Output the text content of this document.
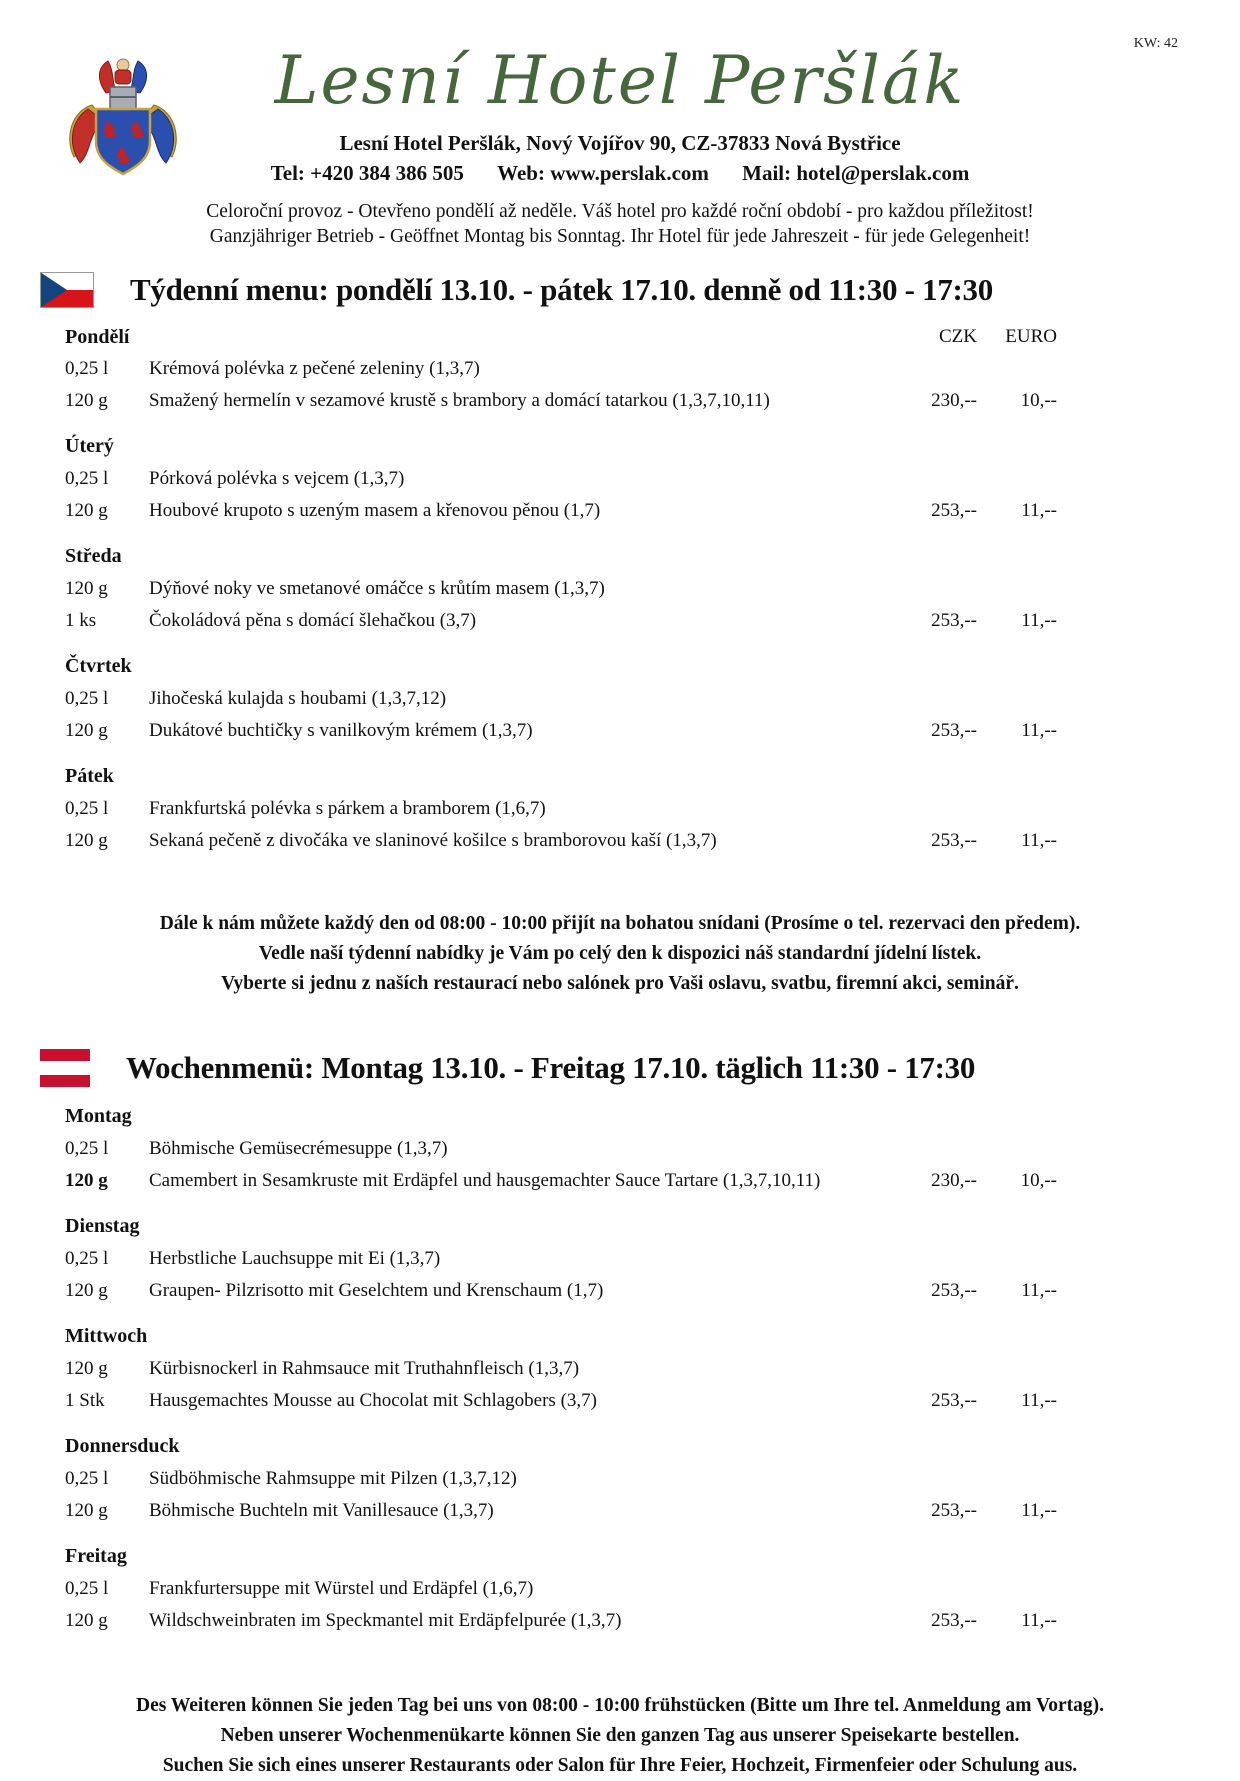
KW: 42
♞ ♞
♞
Lesní Hotel Peršlák
Lesní Hotel Peršlák, Nový Vojířov 90, CZ-37833 Nová Bystřice
Tel: +420 384 386 505 Web: www.perslak.com Mail: hotel@perslak.com
Celoroční provoz - Otevřeno pondělí až neděle. Váš hotel pro každé roční období - pro každou příležitost!
Ganzjähriger Betrieb - Geöffnet Montag bis Sonntag. Ihr Hotel für jede Jahreszeit - für jede Gelegenheit!
Týdenní menu: pondělí 13.10. - pátek 17.10. denně od 11:30 - 17:30
Pondělí	CZK	EURO
0,25 l	Krémová polévka z pečené zeleniny (1,3,7)
120 g	Smažený hermelín v sezamové krustě s brambory a domácí tatarkou (1,3,7,10,11)	230,--	10,--
Úterý
0,25 l	Pórková polévka s vejcem (1,3,7)
120 g	Houbové krupoto s uzeným masem a křenovou pěnou (1,7)	253,--	11,--
Středa
120 g	Dýňové noky ve smetanové omáčce s krůtím masem (1,3,7)
1 ks	Čokoládová pěna s domácí šlehačkou (3,7)	253,--	11,--
Čtvrtek
0,25 l	Jihočeská kulajda s houbami (1,3,7,12)
120 g	Dukátové buchtičky s vanilkovým krémem (1,3,7)	253,--	11,--
Pátek
0,25 l	Frankfurtská polévka s párkem a bramborem (1,6,7)
120 g	Sekaná pečeně z divočáka ve slaninové košilce s bramborovou kaší (1,3,7)	253,--	11,--
Dále k nám můžete každý den od 08:00 - 10:00 přijít na bohatou snídani (Prosíme o tel. rezervaci den předem).
Vedle naší týdenní nabídky je Vám po celý den k dispozici náš standardní jídelní lístek.
Vyberte si jednu z naších restaurací nebo salónek pro Vaši oslavu, svatbu, firemní akci, seminář.
Wochenmenü: Montag 13.10. - Freitag 17.10. täglich 11:30 - 17:30
Montag
0,25 l	Böhmische Gemüsecrémesuppe (1,3,7)
120 g	Camembert in Sesamkruste mit Erdäpfel und hausgemachter Sauce Tartare (1,3,7,10,11)	230,--	10,--
Dienstag
0,25 l	Herbstliche Lauchsuppe mit Ei (1,3,7)
120 g	Graupen- Pilzrisotto mit Geselchtem und Krenschaum (1,7)	253,--	11,--
Mittwoch
120 g	Kürbisnockerl in Rahmsauce mit Truthahnfleisch (1,3,7)
1 Stk	Hausgemachtes Mousse au Chocolat mit Schlagobers (3,7)	253,--	11,--
Donnersduck
0,25 l	Südböhmische Rahmsuppe mit Pilzen (1,3,7,12)
120 g	Böhmische Buchteln mit Vanillesauce (1,3,7)	253,--	11,--
Freitag
0,25 l	Frankfurtersuppe mit Würstel und Erdäpfel (1,6,7)
120 g	Wildschweinbraten im Speckmantel mit Erdäpfelpurée (1,3,7)	253,--	11,--
Des Weiteren können Sie jeden Tag bei uns von 08:00 - 10:00 frühstücken (Bitte um Ihre tel. Anmeldung am Vortag).
Neben unserer Wochenmenükarte können Sie den ganzen Tag aus unserer Speisekarte bestellen.
Suchen Sie sich eines unserer Restaurants oder Salon für Ihre Feier, Hochzeit, Firmenfeier oder Schulung aus.
